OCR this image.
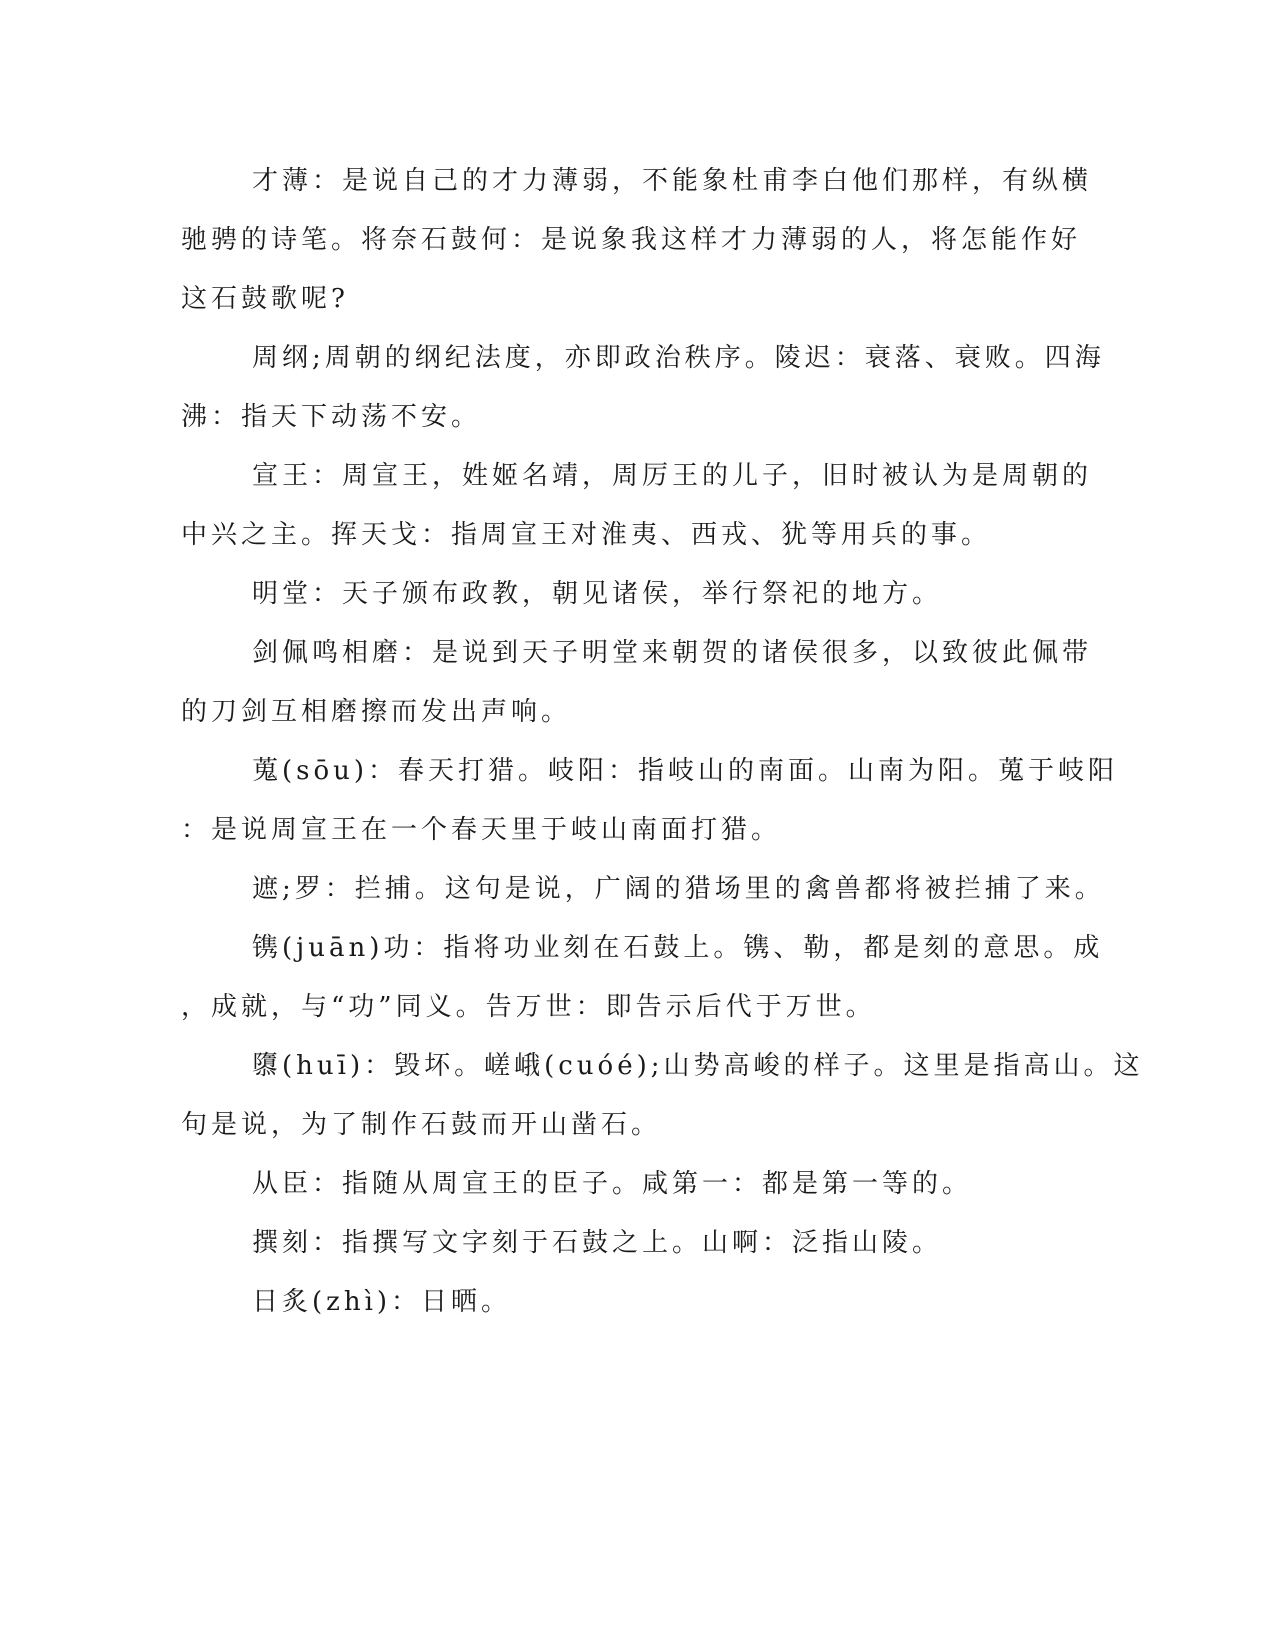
才薄：是说自己的才力薄弱，不能象杜甫李白他们那样，有纵横
驰骋的诗笔。将奈石鼓何：是说象我这样才力薄弱的人，将怎能作好
这石鼓歌呢?
周纲;周朝的纲纪法度，亦即政治秩序。陵迟：衰落、衰败。四海
沸：指天下动荡不安。
宣王：周宣王，姓姬名靖，周厉王的儿子，旧时被认为是周朝的
中兴之主。挥天戈：指周宣王对淮夷、西戎、犹等用兵的事。
明堂：天子颁布政教，朝见诸侯，举行祭祀的地方。
剑佩鸣相磨：是说到天子明堂来朝贺的诸侯很多，以致彼此佩带
的刀剑互相磨擦而发出声响。
蒐(sōu)：春天打猎。岐阳：指岐山的南面。山南为阳。蒐于岐阳
：是说周宣王在一个春天里于岐山南面打猎。
遮;罗：拦捕。这句是说，广阔的猎场里的禽兽都将被拦捕了来。
镌(juān)功：指将功业刻在石鼓上。镌、勒，都是刻的意思。成
，成就，与“功”同义。告万世：即告示后代于万世。
隳(huī)：毁坏。嵯峨(cuóé);山势高峻的样子。这里是指高山。这
句是说，为了制作石鼓而开山凿石。
从臣：指随从周宣王的臣子。咸第一：都是第一等的。
撰刻：指撰写文字刻于石鼓之上。山啊：泛指山陵。
日炙(zhì)：日晒。
